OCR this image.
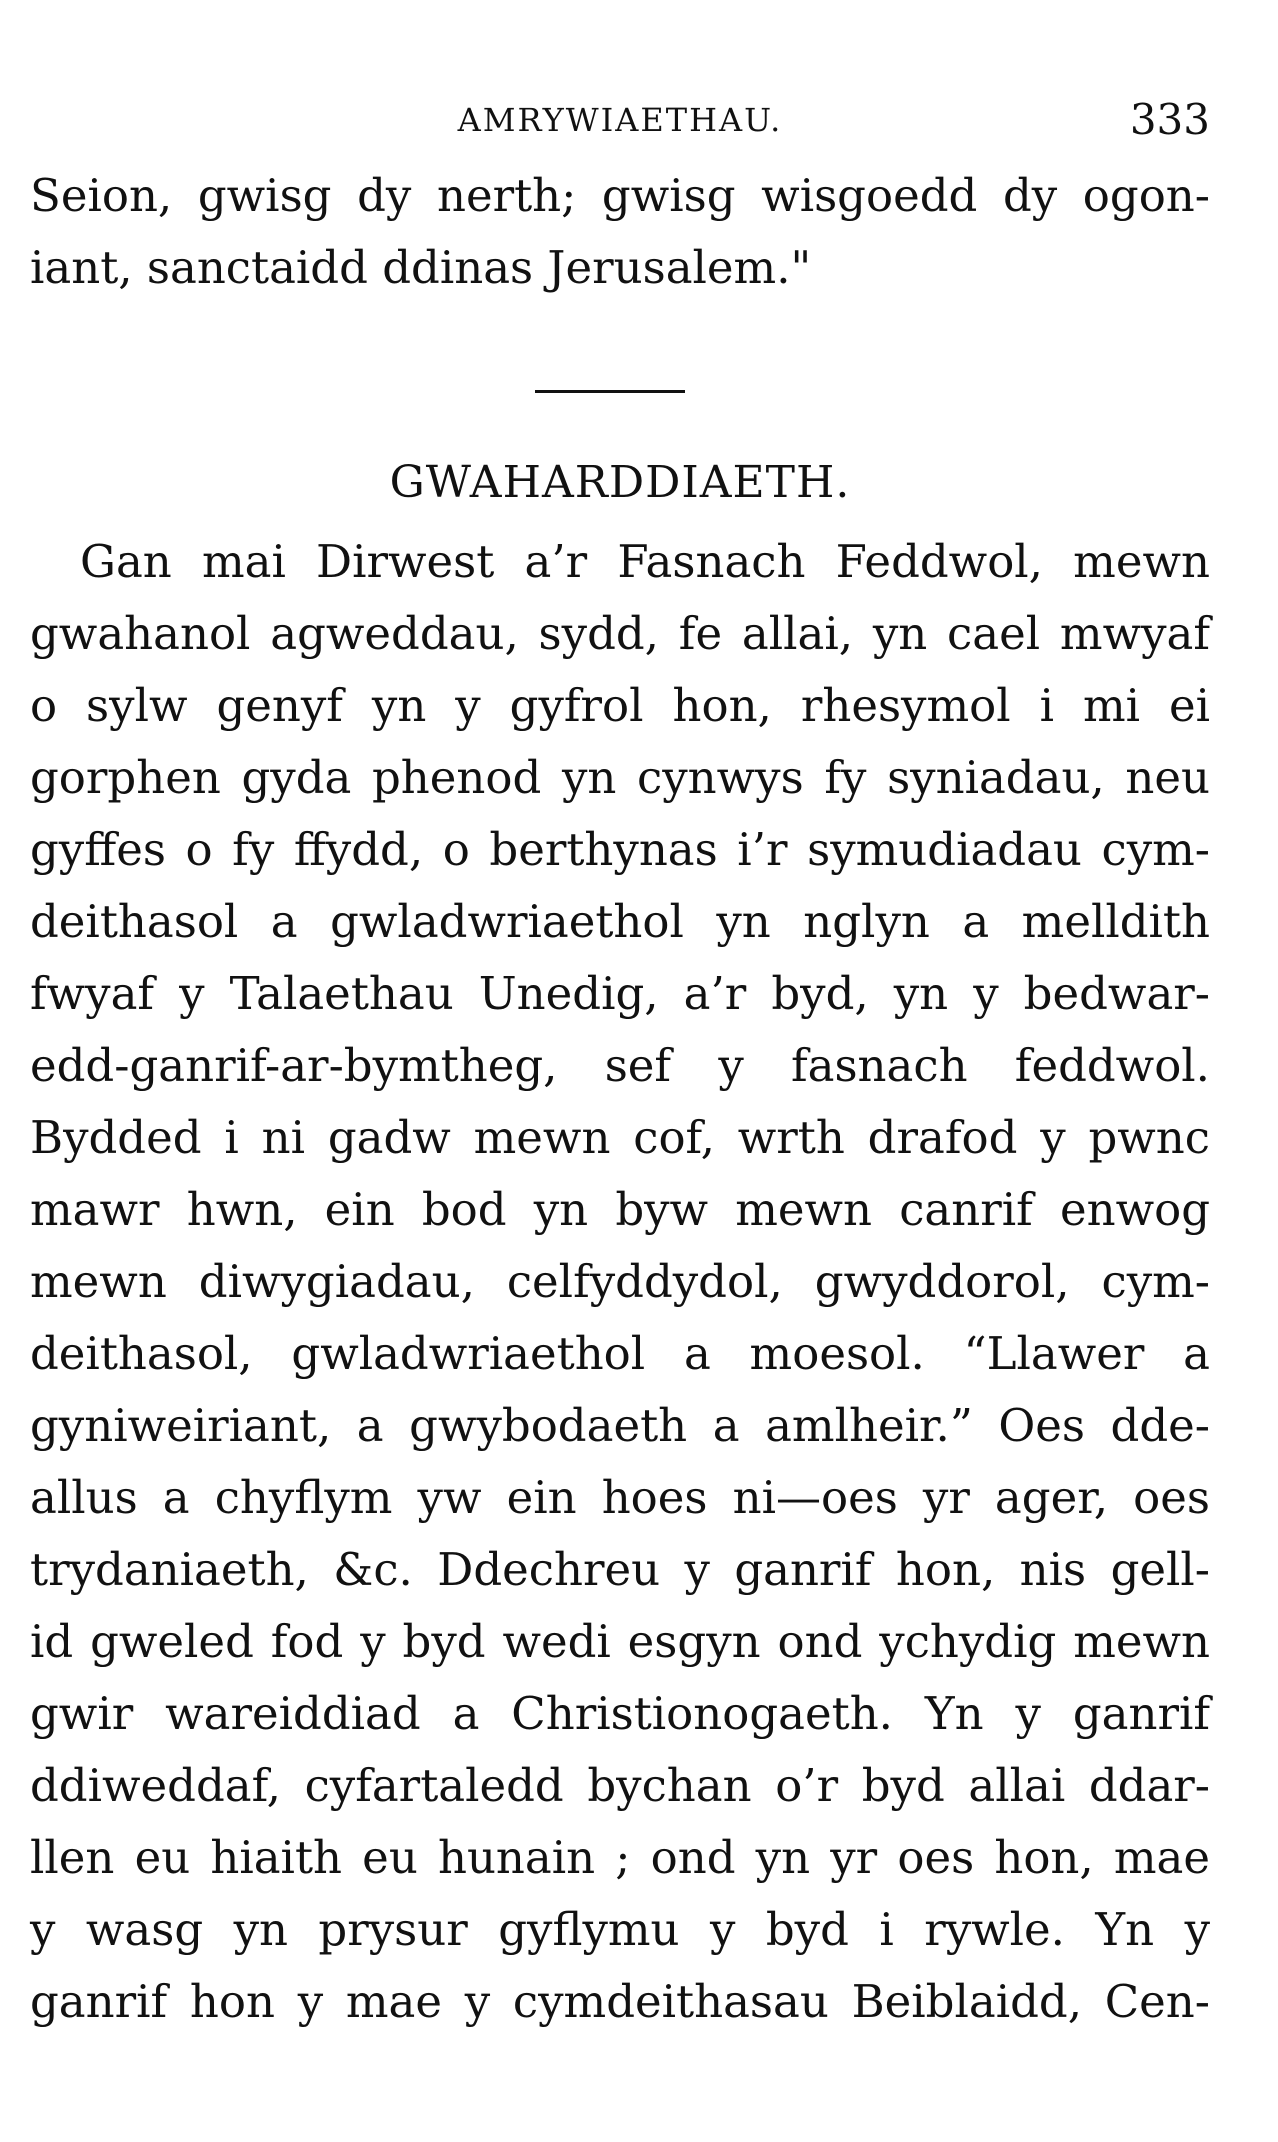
AMRYWIAETHAU.	333
Seion, gwisg dy nerth; gwisg wisgoedd dy ogon-
iant, sanctaidd ddinas Jerusalem."
GWAHARDDIAETH.
Gan mai Dirwest a’r Fasnach Feddwol, mewn
gwahanol agweddau, sydd, fe allai, yn cael mwyaf
o sylw genyf yn y gyfrol hon, rhesymol i mi ei
gorphen gyda phenod yn cynwys fy syniadau, neu
gyffes o fy ffydd, o berthynas i’r symudiadau cym-
deithasol a gwladwriaethol yn nglyn a melldith
fwyaf y Talaethau Unedig, a’r byd, yn y bedwar-
edd-ganrif-ar-bymtheg, sef y fasnach feddwol.
Bydded i ni gadw mewn cof, wrth drafod y pwnc
mawr hwn, ein bod yn byw mewn canrif enwog
mewn diwygiadau, celfyddydol, gwyddorol, cym-
deithasol, gwladwriaethol a moesol. “Llawer a
gyniweiriant, a gwybodaeth a amlheir.” Oes dde-
allus a chyflym yw ein hoes ni—oes yr ager, oes
trydaniaeth, &c. Ddechreu y ganrif hon, nis gell-
id gweled fod y byd wedi esgyn ond ychydig mewn
gwir wareiddiad a Christionogaeth. Yn y ganrif
ddiweddaf, cyfartaledd bychan o’r byd allai ddar-
llen eu hiaith eu hunain ; ond yn yr oes hon, mae
y wasg yn prysur gyflymu y byd i rywle. Yn y
ganrif hon y mae y cymdeithasau Beiblaidd, Cen-
